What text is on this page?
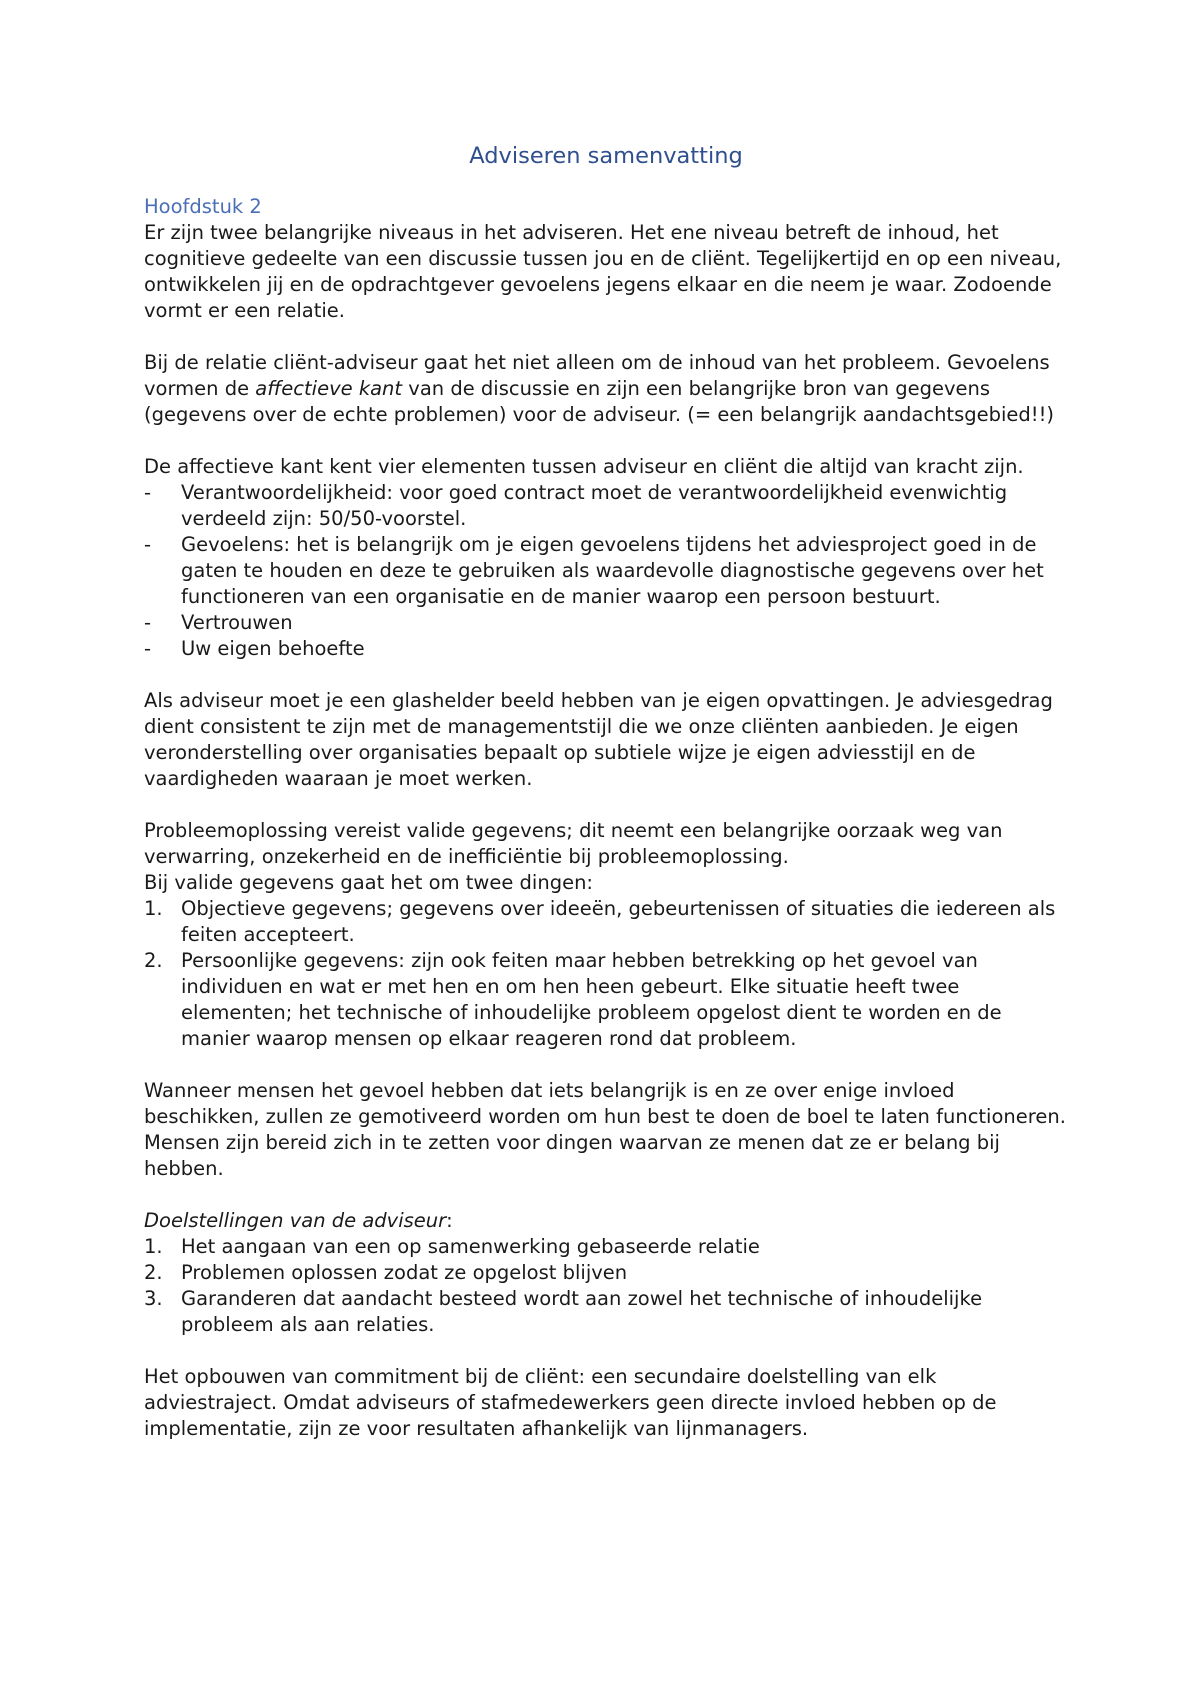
Adviseren samenvatting
Hoofdstuk 2

Er zijn twee belangrijke niveaus in het adviseren. Het ene niveau betreft de inhoud, het cognitieve gedeelte van een discussie tussen jou en de cliënt. Tegelijkertijd en op een niveau, ontwikkelen jij en de opdrachtgever gevoelens jegens elkaar en die neem je waar. Zodoende vormt er een relatie.

Bij de relatie cliënt-adviseur gaat het niet alleen om de inhoud van het probleem. Gevoelens vormen de affectieve kant van de discussie en zijn een belangrijke bron van gegevens (gegevens over de echte problemen) voor de adviseur. (= een belangrijk aandachtsgebied!!)

De affectieve kant kent vier elementen tussen adviseur en cliënt die altijd van kracht zijn.

- Verantwoordelijkheid: voor goed contract moet de verantwoordelijkheid evenwichtig verdeeld zijn: 50/50-voorstel.
- Gevoelens: het is belangrijk om je eigen gevoelens tijdens het adviesproject goed in de gaten te houden en deze te gebruiken als waardevolle diagnostische gegevens over het functioneren van een organisatie en de manier waarop een persoon bestuurt.
- Vertrouwen
- Uw eigen behoefte

Als adviseur moet je een glashelder beeld hebben van je eigen opvattingen. Je adviesgedrag dient consistent te zijn met de managementstijl die we onze cliënten aanbieden. Je eigen veronderstelling over organisaties bepaalt op subtiele wijze je eigen adviesstijl en de vaardigheden waaraan je moet werken.

Probleemoplossing vereist valide gegevens; dit neemt een belangrijke oorzaak weg van verwarring, onzekerheid en de inefficiëntie bij probleemoplossing.

Bij valide gegevens gaat het om twee dingen:

1. Objectieve gegevens; gegevens over ideeën, gebeurtenissen of situaties die iedereen als feiten accepteert.
2. Persoonlijke gegevens: zijn ook feiten maar hebben betrekking op het gevoel van individuen en wat er met hen en om hen heen gebeurt. Elke situatie heeft twee elementen; het technische of inhoudelijke probleem opgelost dient te worden en de manier waarop mensen op elkaar reageren rond dat probleem.

Wanneer mensen het gevoel hebben dat iets belangrijk is en ze over enige invloed beschikken, zullen ze gemotiveerd worden om hun best te doen de boel te laten functioneren. Mensen zijn bereid zich in te zetten voor dingen waarvan ze menen dat ze er belang bij hebben.

Doelstellingen van de adviseur:

1. Het aangaan van een op samenwerking gebaseerde relatie
2. Problemen oplossen zodat ze opgelost blijven
3. Garanderen dat aandacht besteed wordt aan zowel het technische of inhoudelijke probleem als aan relaties.

Het opbouwen van commitment bij de cliënt: een secundaire doelstelling van elk adviestraject. Omdat adviseurs of stafmedewerkers geen directe invloed hebben op de implementatie, zijn ze voor resultaten afhankelijk van lijnmanagers.
